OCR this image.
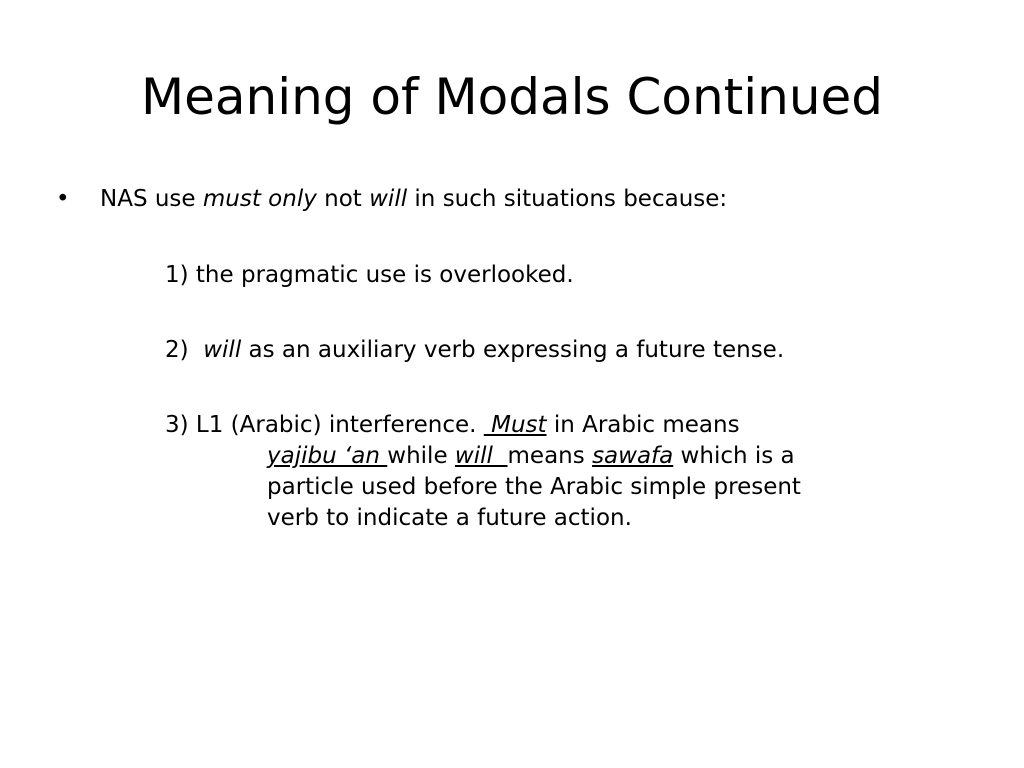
Meaning of Modals Continued
•	NAS use must only not will in such situations because:
1) the pragmatic use is overlooked.
2)  will as an auxiliary verb expressing a future tense.
3) L1 (Arabic) interference.  Must in Arabic means
yajibu ‘an while will  means sawafa which is a
particle used before the Arabic simple present
verb to indicate a future action.
